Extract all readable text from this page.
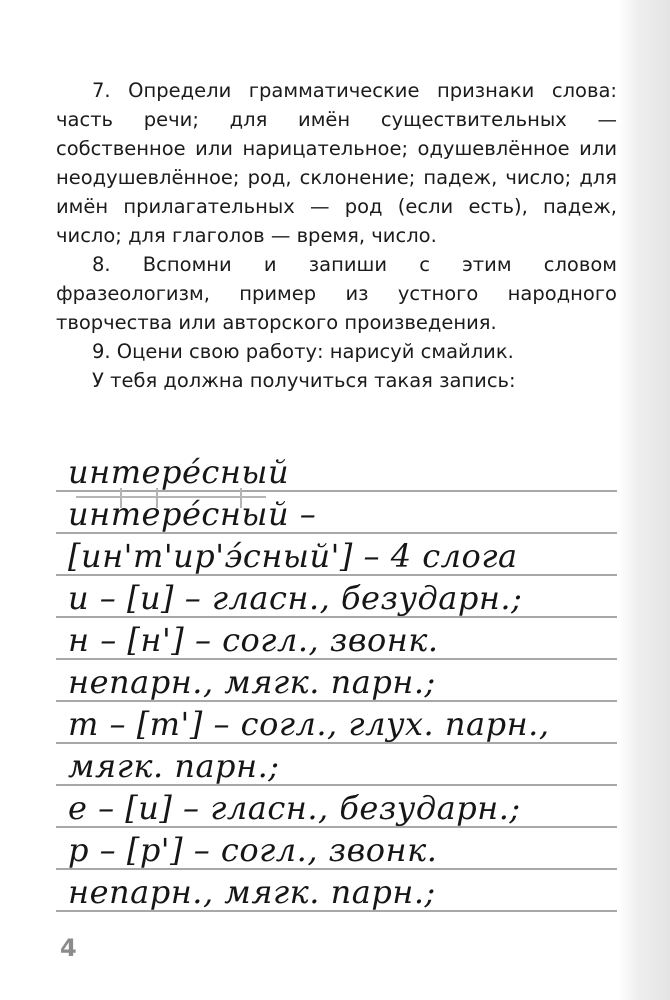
7. Определи грамматические признаки слова: часть речи; для имён существительных — собственное или нарицательное; одушевлённое или неодушевлённое; род, склонение; падеж, число; для имён прилагательных — род (если есть), падеж, число; для глаголов — время, число.

8. Вспомни и запиши с этим словом фразеологизм, пример из устного народного творчества или авторского произведения.

9. Оцени свою работу: нарисуй смайлик.

У тебя должна получиться такая запись:

интере́сный
интере́сный –
[ин'т'ир'э́сный'] – 4 слога
и – [и] – гласн., безударн.;
н – [н'] – согл., звонк.
непарн., мягк. парн.;
т – [т'] – согл., глух. парн.,
мягк. парн.;
е – [и] – гласн., безударн.;
р – [р'] – согл., звонк.
непарн., мягк. парн.;
4
